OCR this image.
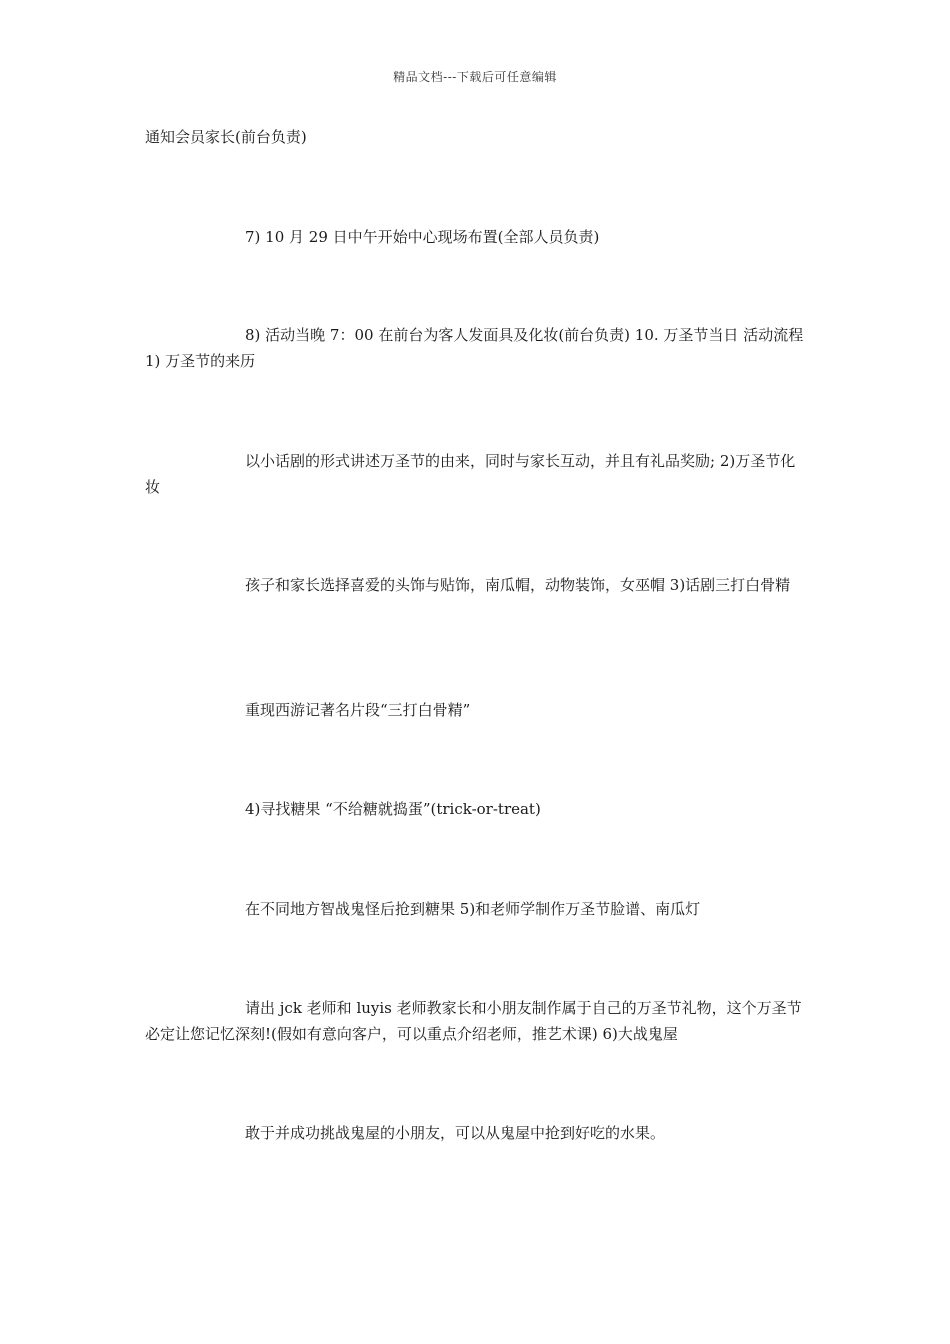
精品文档---下载后可任意编辑

通知会员家长(前台负责)

7) 10 月 29 日中午开始中心现场布置(全部人员负责)

8) 活动当晚 7：00 在前台为客人发面具及化妆(前台负责) 10. 万圣节当日 活动流程 1) 万圣节的来历

以小话剧的形式讲述万圣节的由来，同时与家长互动，并且有礼品奖励; 2)万圣节化妆

孩子和家长选择喜爱的头饰与贴饰，南瓜帽，动物装饰，女巫帽 3)话剧三打白骨精

重现西游记著名片段“三打白骨精”

4)寻找糖果 “不给糖就捣蛋”(trick-or-treat)

在不同地方智战鬼怪后抢到糖果 5)和老师学制作万圣节脸谱、南瓜灯

请出 jck 老师和 luyis 老师教家长和小朋友制作属于自己的万圣节礼物，这个万圣节必定让您记忆深刻!(假如有意向客户，可以重点介绍老师，推艺术课) 6)大战鬼屋

敢于并成功挑战鬼屋的小朋友，可以从鬼屋中抢到好吃的水果。
